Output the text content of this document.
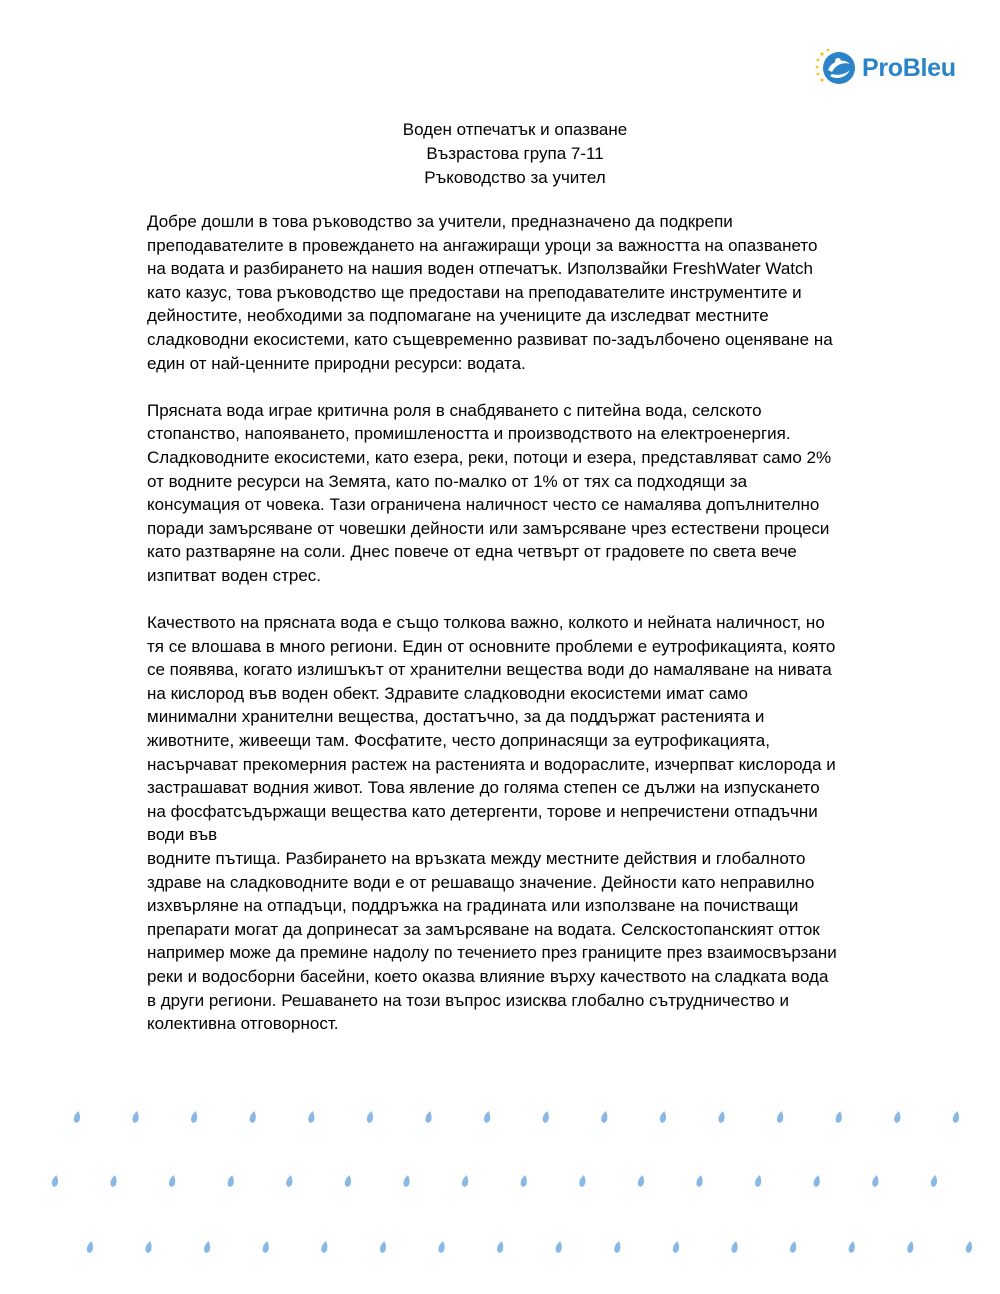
ProBleu
Воден отпечатък и опазване
Възрастова група 7-11
Ръководство за учител

Добре дошли в това ръководство за учители, предназначено да подкрепи
преподавателите в провеждането на ангажиращи уроци за важността на опазването
на водата и разбирането на нашия воден отпечатък. Използвайки FreshWater Watch
като казус, това ръководство ще предостави на преподавателите инструментите и
дейностите, необходими за подпомагане на учениците да изследват местните
сладководни екосистеми, като същевременно развиват по-задълбочено оценяване на
един от най-ценните природни ресурси: водата.

Прясната вода играе критична роля в снабдяването с питейна вода, селското
стопанство, напояването, промишлеността и производството на електроенергия.
Сладководните екосистеми, като езера, реки, потоци и езера, представляват само 2%
от водните ресурси на Земята, като по-малко от 1% от тях са подходящи за
консумация от човека. Тази ограничена наличност често се намалява допълнително
поради замърсяване от човешки дейности или замърсяване чрез естествени процеси
като разтваряне на соли. Днес повече от една четвърт от градовете по света вече
изпитват воден стрес.

Качеството на прясната вода е също толкова важно, колкото и нейната наличност, но
тя се влошава в много региони. Един от основните проблеми е еутрофикацията, която
се появява, когато излишъкът от хранителни вещества води до намаляване на нивата
на кислород във воден обект. Здравите сладководни екосистеми имат само
минимални хранителни вещества, достатъчно, за да поддържат растенията и
животните, живеещи там. Фосфатите, често допринасящи за еутрофикацията,
насърчават прекомерния растеж на растенията и водораслите, изчерпват кислорода и
застрашават водния живот. Това явление до голяма степен се дължи на изпускането
на фосфатсъдържащи вещества като детергенти, торове и непречистени отпадъчни
води във
водните пътища. Разбирането на връзката между местните действия и глобалното
здраве на сладководните води е от решаващо значение. Дейности като неправилно
изхвърляне на отпадъци, поддръжка на градината или използване на почистващи
препарати могат да допринесат за замърсяване на водата. Селскостопанският отток
например може да премине надолу по течението през границите през взаимосвързани
реки и водосборни басейни, което оказва влияние върху качеството на сладката вода
в други региони. Решаването на този въпрос изисква глобално сътрудничество и
колективна отговорност.
